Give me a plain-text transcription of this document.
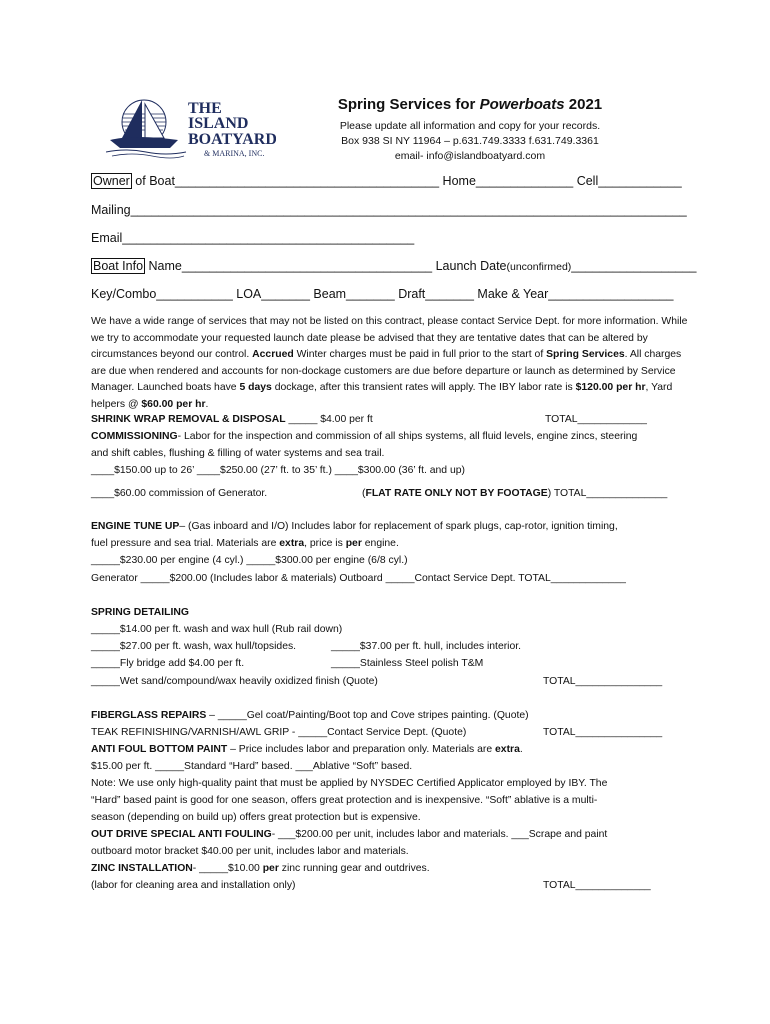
THE
ISLAND
BOATYARD
& MARINA, INC.
Spring Services for Powerboats 2021
Please update all information and copy for your records.
Box 938 SI NY 11964 – p.631.749.3333 f.631.749.3361
email- info@islandboatyard.com
Owner of Boat______________________________________ Home______________ Cell____________
Mailing________________________________________________________________________________
Email__________________________________________
Boat Info Name____________________________________ Launch Date(unconfirmed)__________________
Key/Combo___________ LOA_______ Beam_______ Draft_______ Make & Year__________________
We have a wide range of services that may not be listed on this contract, please contact Service Dept. for more information. While we try to accommodate your requested launch date please be advised that they are tentative dates that can be altered by circumstances beyond our control. Accrued Winter charges must be paid in full prior to the start of Spring Services. All charges are due when rendered and accounts for non-dockage customers are due before departure or launch as determined by Service Manager. Launched boats have 5 days dockage, after this transient rates will apply. The IBY labor rate is $120.00 per hr, Yard helpers @ $60.00 per hr.
SHRINK WRAP REMOVAL & DISPOSAL _____ $4.00 per ft	TOTAL____________
COMMISSIONING- Labor for the inspection and commission of all ships systems, all fluid levels, engine zincs, steering
and shift cables, flushing & filling of water systems and sea trail.
____$150.00 up to 26’ ____$250.00 (27’ ft. to 35’ ft.) ____$300.00 (36’ ft. and up)
____$60.00 commission of Generator.	(FLAT RATE ONLY NOT BY FOOTAGE) TOTAL______________
ENGINE TUNE UP– (Gas inboard and I/O) Includes labor for replacement of spark plugs, cap-rotor, ignition timing,
fuel pressure and sea trial. Materials are extra, price is per engine.
_____$230.00 per engine (4 cyl.) _____$300.00 per engine (6/8 cyl.)
Generator _____$200.00 (Includes labor & materials) Outboard _____Contact Service Dept. TOTAL_____________
SPRING DETAILING
_____$14.00 per ft. wash and wax hull (Rub rail down)
_____$27.00 per ft. wash, wax hull/topsides.	_____$37.00 per ft. hull, includes interior.
_____Fly bridge add $4.00 per ft.	_____Stainless Steel polish T&M
_____Wet sand/compound/wax heavily oxidized finish (Quote)	TOTAL_______________
FIBERGLASS REPAIRS – _____Gel coat/Painting/Boot top and Cove stripes painting. (Quote)
TEAK REFINISHING/VARNISH/AWL GRIP - _____Contact Service Dept. (Quote)	TOTAL_______________
ANTI FOUL BOTTOM PAINT – Price includes labor and preparation only. Materials are extra.
$15.00 per ft. _____Standard “Hard” based. ___Ablative “Soft” based.
Note: We use only high-quality paint that must be applied by NYSDEC Certified Applicator employed by IBY. The
“Hard” based paint is good for one season, offers great protection and is inexpensive. “Soft” ablative is a multi-
season (depending on build up) offers great protection but is expensive.
OUT DRIVE SPECIAL ANTI FOULING- ___$200.00 per unit, includes labor and materials. ___Scrape and paint
outboard motor bracket $40.00 per unit, includes labor and materials.
ZINC INSTALLATION- _____$10.00 per zinc running gear and outdrives.
(labor for cleaning area and installation only)	TOTAL_____________
